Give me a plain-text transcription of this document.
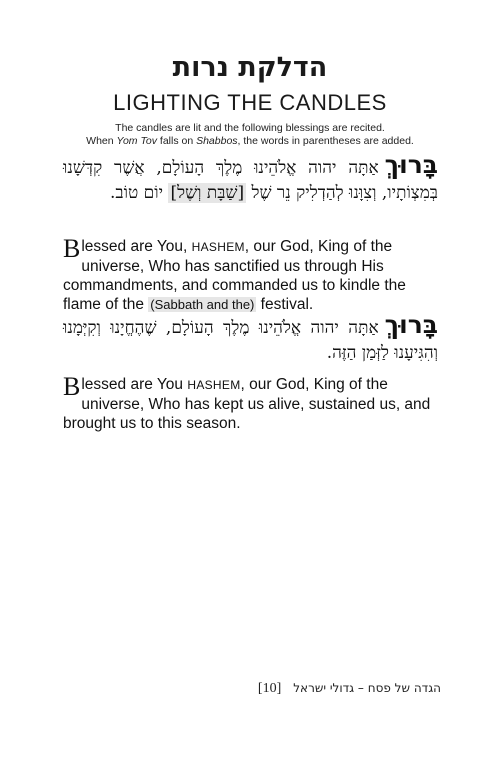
הדלקת נרות
LIGHTING THE CANDLES
The candles are lit and the following blessings are recited.
When Yom Tov falls on Shabbos, the words in parentheses are added.
בָּרוּךְאַתָּה יהוה אֱלֹהֵינוּ מֶלֶךְ הָעוֹלָם, אֲשֶׁר קִדְּשָׁנוּ בְּמִצְוֹתָיו, וְצִוָּנוּ לְהַדְלִיק נֵר שֶׁל [שַׁבָּת וְשֶׁל] יוֹם טוֹב.
Blessed are You, HASHEM, our God, King of the universe, Who has sanctified us through His commandments, and commanded us to kindle the flame of the (Sabbath and the) festival.
בָּרוּךְאַתָּה יהוה אֱלֹהֵינוּ מֶלֶךְ הָעוֹלָם, שֶׁהֶחֱיָנוּ וְקִיְּמָנוּ וְהִגִּיעָנוּ לַזְּמַן הַזֶּה.
Blessed are You HASHEM, our God, King of the universe, Who has kept us alive, sustained us, and brought us to this season.
הגדה של פסח – גדולי ישראל[10]
